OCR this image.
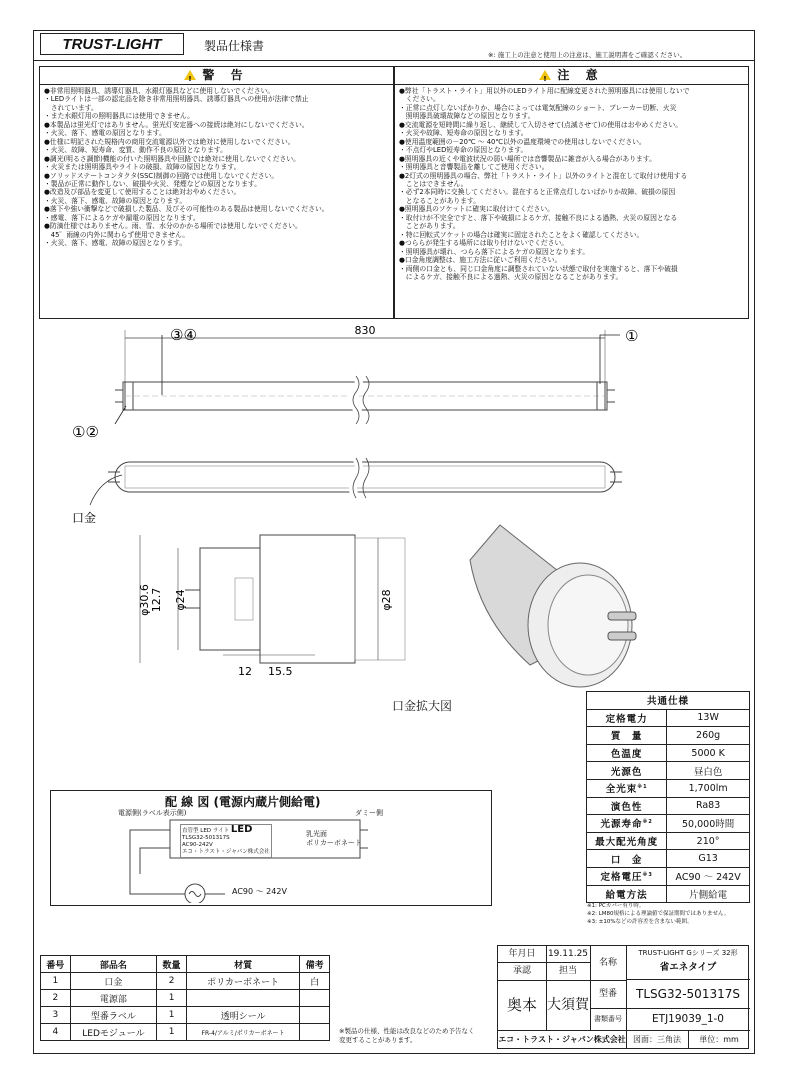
TRUST-LIGHT	製品仕様書
※: 施工上の注意と使用上の注意は、施工説明書をご確認ください。
! 警 告
●非常用照明器具、誘導灯器具、水銀灯器具などに使用しないでください。
・LEDライトは一部の認定品を除き非常用照明器具、誘導灯器具への使用が法律で禁止
　されています。
・また水銀灯用の照明器具には使用できません。
●本製品は蛍光灯ではありません。蛍光灯安定器への接続は絶対にしないでください。
・火災、落下、感電の原因となります。
●仕様に明記された規格内の商用交流電源以外では絶対に使用しないでください。
・火災、故障、短寿命、変質、動作不良の原因となります。
●調光(明るさ調節)機能の付いた照明器具や回路では絶対に使用しないでください。
・火災または照明器具やライトの破損、故障の原因となります。
●ソリッドステートコンタクタ(SSC)制御の回路では使用しないでください。
・製品が正常に動作しない、破損や火災、発煙などの原因となります。
●改造及び部品を変更して使用することは絶対おやめください。
・火災、落下、感電、故障の原因となります。
●落下や強い衝撃などで破損した製品、及びその可能性のある製品は使用しないでください。
・感電、落下によるケガや漏電の原因となります。
●防滴仕様ではありません。雨、雪、水分のかかる場所では使用しないでください。
　45゜雨線の内外に関わらず使用できません。
・火災、落下、感電、故障の原因となります。
! 注 意
●弊社「トラスト・ライト」用以外のLEDライト用に配線変更された照明器具には使用しないで
　ください。
・正常に点灯しないばかりか、場合によっては電気配線のショート、ブレーカー切断、火災
　照明器具破壊故障などの原因となります。
●交流電源を短時間に繰り返し、継続して入切させて(点滅させて)の使用はおやめください。
・火災や故障、短寿命の原因となります。
●使用温度範囲の－20℃ ～ 40℃以外の温度環境での使用はしないでください。
・不点灯やLED短寿命の原因となります。
●照明器具の近くや電波状況の弱い場所では音響製品に雑音が入る場合があります。
・照明器具と音響製品を離してご使用ください。
●2灯式の照明器具の場合、弊社「トラスト・ライト」以外のライトと混在して取付け使用する
　ことはできません。
・必ず2本同時に交換してください。混在すると正常点灯しないばかりか故障、破損の原因
　となることがあります。
●照明器具のソケットに確実に取付けてください。
・取付けが不完全ですと、落下や破損によるケガ、接触不良による過熱、火災の原因となる
　ことがあります。
・特に回転式ソケットの場合は確実に固定されたことをよく確認してください。
●つららが発生する場所には取り付けないでください。
・照明器具が壊れ、つらら落下によるケガの原因となります。
●口金角度調整は、施工方法に従いご利用ください。
・両側の口金とも、同じ口金角度に調整されていない状態で取付を実施すると、落下や破損
　によるケガ、接触不良による過熱、火災の原因となることがあります。
830
③④	①
①②
口金
φ30.6 φ24
12.7	φ28
12 15.5
口金拡大図
配 線 図 (電源内蔵片側給電)
電源側(ラベル表示側)	ダミー側
直管型 LED ライト LED
TLSG32-501317S
AC90-242V
エコ・トラスト・ジャパン株式会社
乳光面
ポリカーボネート
AC90 ～ 242V
共通仕様	
定格電力	13W
質　量	260g
色温度	5000 K
光源色	昼白色
全光束$^{※1}$	1,700lm
演色性	Ra83
光源寿命$^{※2}$	50,000時間
最大配光角度	210°
口　金	G13
定格電圧$^{※3}$	AC90 ～ 242V
給電方法	片側給電
※1: PCカバー有り時。
※2: LM80規格による理論値で保証期間ではありません。
※3: ±10%などの許容差を含まない範囲。
番号	部品名	数量	材質	備考
1	口金	2	ポリカーボネート	白
2	電源部	1		
3	型番ラベル	1	透明シール	
4	LEDモジュール	1	FR-4/アルミ/ポリカーボネート		※製品の仕様、性能は改良などのため予告なく
変更することがあります。
年月日	19.11.25
名称
TRUST-LIGHT Gシリーズ 32形
省エネタイプ
承認	担当
奥本 大須賀
型番	TLSG32-501317S
書類番号	ETJ19039_1-0
エコ・トラスト・ジャパン株式会社 図面：三角法	単位：mm
